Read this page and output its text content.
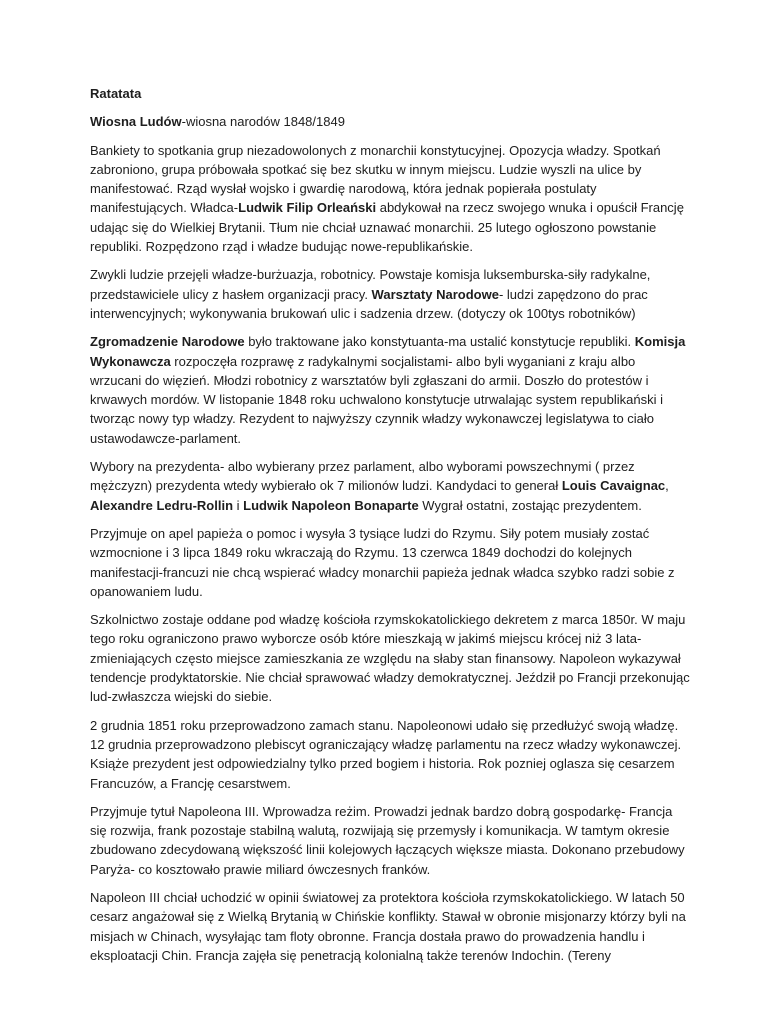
Ratatata
Wiosna Ludów-wiosna narodów 1848/1849

Bankiety to spotkania grup niezadowolonych z monarchii konstytucyjnej. Opozycja władzy. Spotkań zabroniono, grupa próbowała spotkać się bez skutku w innym miejscu. Ludzie wyszli na ulice by manifestować. Rząd wysłał wojsko i gwardię narodową, która jednak popierała postulaty manifestujących. Władca-Ludwik Filip Orleański abdykował na rzecz swojego wnuka i opuścił Francję udając się do Wielkiej Brytanii. Tłum nie chciał uznawać monarchii. 25 lutego ogłoszono powstanie republiki. Rozpędzono rząd i władze budując nowe-republikańskie.

Zwykli ludzie przejęli władze-burżuazja, robotnicy. Powstaje komisja luksemburska-siły radykalne, przedstawiciele ulicy z hasłem organizacji pracy. Warsztaty Narodowe- ludzi zapędzono do prac interwencyjnych; wykonywania brukowań ulic i sadzenia drzew. (dotyczy ok 100tys robotników)

Zgromadzenie Narodowe było traktowane jako konstytuanta-ma ustalić konstytucje republiki. Komisja Wykonawcza rozpoczęła rozprawę z radykalnymi socjalistami- albo byli wyganiani z kraju albo wrzucani do więzień. Młodzi robotnicy z warsztatów byli zgłaszani do armii. Doszło do protestów i krwawych mordów. W listopanie 1848 roku uchwalono konstytucje utrwalając system republikański i tworząc nowy typ władzy. Rezydent to najwyższy czynnik władzy wykonawczej legislatywa to ciało ustawodawcze-parlament.

Wybory na prezydenta- albo wybierany przez parlament, albo wyborami powszechnymi ( przez mężczyzn) prezydenta wtedy wybierało ok 7 milionów ludzi. Kandydaci to generał Louis Cavaignac, Alexandre Ledru-Rollin i Ludwik Napoleon Bonaparte Wygrał ostatni, zostając prezydentem.

Przyjmuje on apel papieża o pomoc i wysyła 3 tysiące ludzi do Rzymu. Siły potem musiały zostać wzmocnione i 3 lipca 1849 roku wkraczają do Rzymu. 13 czerwca 1849 dochodzi do kolejnych manifestacji-francuzi nie chcą wspierać władcy monarchii papieża jednak władca szybko radzi sobie z opanowaniem ludu.

Szkolnictwo zostaje oddane pod władzę kościoła rzymskokatolickiego dekretem z marca 1850r. W maju tego roku ograniczono prawo wyborcze osób które mieszkają w jakimś miejscu krócej niż 3 lata-zmieniających często miejsce zamieszkania ze względu na słaby stan finansowy. Napoleon wykazywał tendencje prodyktatorskie. Nie chciał sprawować władzy demokratycznej. Jeździł po Francji przekonując lud-zwłaszcza wiejski do siebie.

2 grudnia 1851 roku przeprowadzono zamach stanu. Napoleonowi udało się przedłużyć swoją władzę. 12 grudnia przeprowadzono plebiscyt ograniczający władzę parlamentu na rzecz władzy wykonawczej. Książe prezydent jest odpowiedzialny tylko przed bogiem i historia. Rok pozniej oglasza się cesarzem Francuzów, a Francję cesarstwem.

Przyjmuje tytuł Napoleona III. Wprowadza reżim. Prowadzi jednak bardzo dobrą gospodarkę- Francja się rozwija, frank pozostaje stabilną walutą, rozwijają się przemysły i komunikacja. W tamtym okresie zbudowano zdecydowaną większość linii kolejowych łączących większe miasta. Dokonano przebudowy Paryża- co kosztowało prawie miliard ówczesnych franków.

Napoleon III chciał uchodzić w opinii światowej za protektora kościoła rzymskokatolickiego. W latach 50 cesarz angażował się z Wielką Brytanią w Chińskie konflikty. Stawał w obronie misjonarzy którzy byli na misjach w Chinach, wysyłając tam floty obronne. Francja dostała prawo do prowadzenia handlu i eksploatacji Chin. Francja zajęła się penetracją kolonialną także terenów Indochin. (Tereny
